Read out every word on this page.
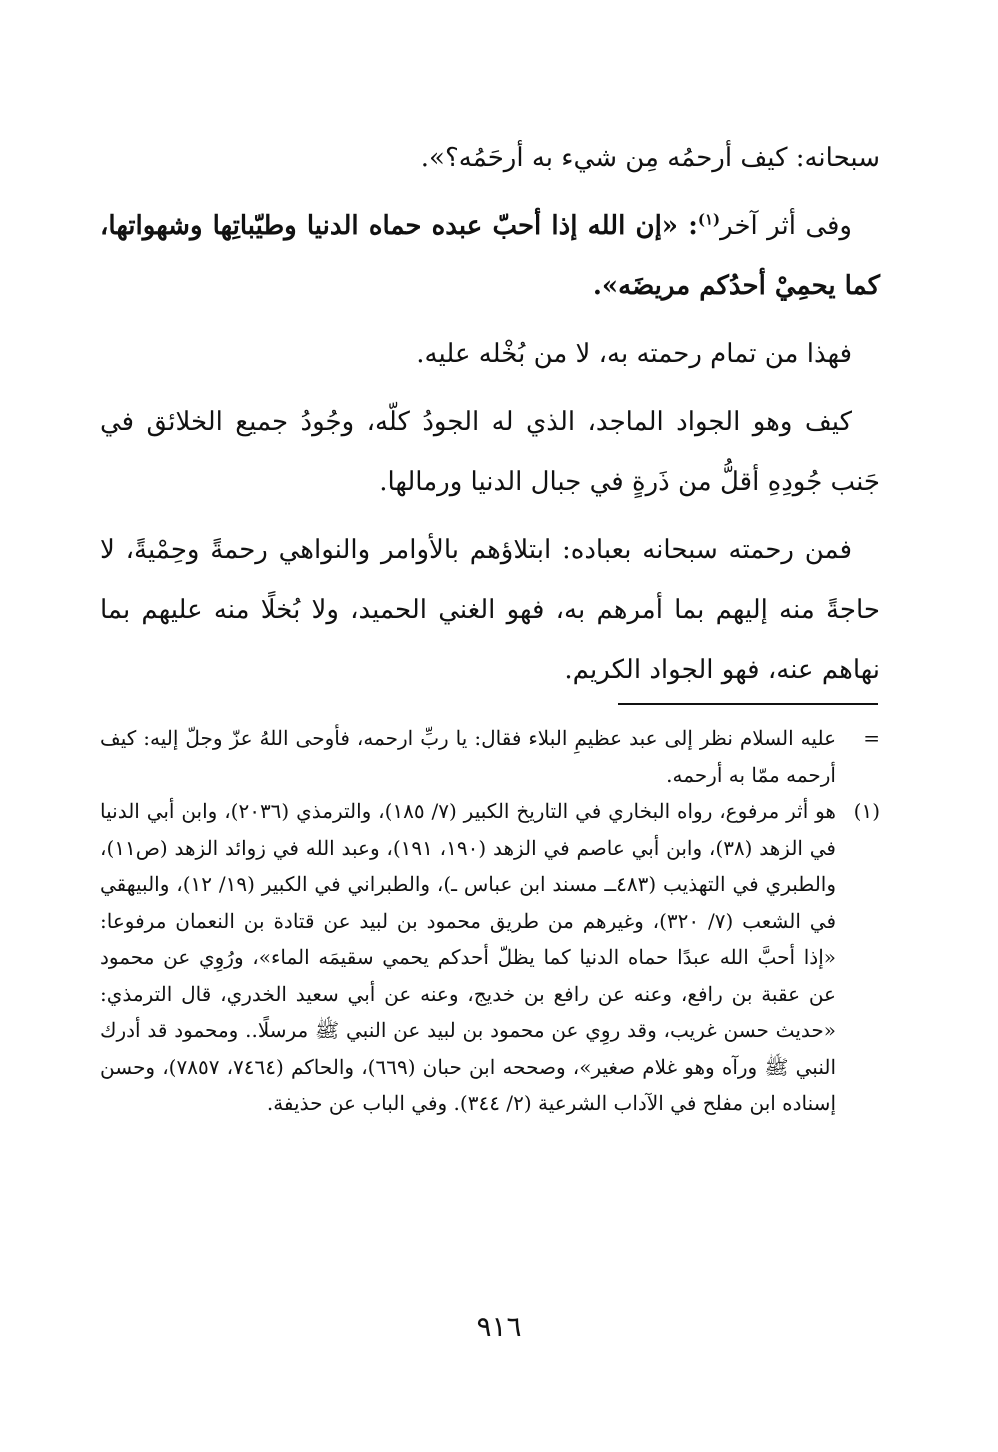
سبحانه: كيف أرحمُه مِن شيء به أرحَمُه؟».

وفى أثر آخر$^{(١)}$: «إن الله إذا أحبّ عبده حماه الدنيا وطيّباتِها وشهواتها، كما يحمِيْ أحدُكم مريضَه».

فهذا من تمام رحمته به، لا من بُخْله عليه.

كيف وهو الجواد الماجد، الذي له الجودُ كلّه، وجُودُ جميع الخلائق في جَنب جُودِهِ أقلُّ من ذَرةٍ في جبال الدنيا ورمالها.

فمن رحمته سبحانه بعباده: ابتلاؤهم بالأوامر والنواهي رحمةً وحِمْيةً، لا حاجةً منه إليهم بما أمرهم به، فهو الغني الحميد، ولا بُخلًا منه عليهم بما نهاهم عنه، فهو الجواد الكريم.

=
عليه السلام نظر إلى عبد عظيمِ البلاء فقال: يا ربِّ ارحمه، فأوحى اللهُ عزّ وجلّ إليه: كيف أرحمه ممّا به أرحمه.
(١)
هو أثر مرفوع، رواه البخاري في التاريخ الكبير (٧/ ١٨٥)، والترمذي (٢٠٣٦)، وابن أبي الدنيا في الزهد (٣٨)، وابن أبي عاصم في الزهد (١٩٠، ١٩١)، وعبد الله في زوائد الزهد (ص١١)، والطبري في التهذيب (٤٨٣ــ مسند ابن عباس ـ)، والطبراني في الكبير (١٩/ ١٢)، والبيهقي في الشعب (٧/ ٣٢٠)، وغيرهم من طريق محمود بن لبيد عن قتادة بن النعمان مرفوعا: «إذا أحبَّ الله عبدًا حماه الدنيا كما يظلّ أحدكم يحمي سقيمَه الماء»، ورُوِي عن محمود عن عقبة بن رافع، وعنه عن رافع بن خديج، وعنه عن أبي سعيد الخدري، قال الترمذي: «حديث حسن غريب، وقد روِي عن محمود بن لبيد عن النبي ﷺ مرسلًا.. ومحمود قد أدرك النبي ﷺ ورآه وهو غلام صغير»، وصححه ابن حبان (٦٦٩)، والحاكم (٧٤٦٤، ٧٨٥٧)، وحسن إسناده ابن مفلح في الآداب الشرعية (٢/ ٣٤٤). وفي الباب عن حذيفة.
٩١٦
